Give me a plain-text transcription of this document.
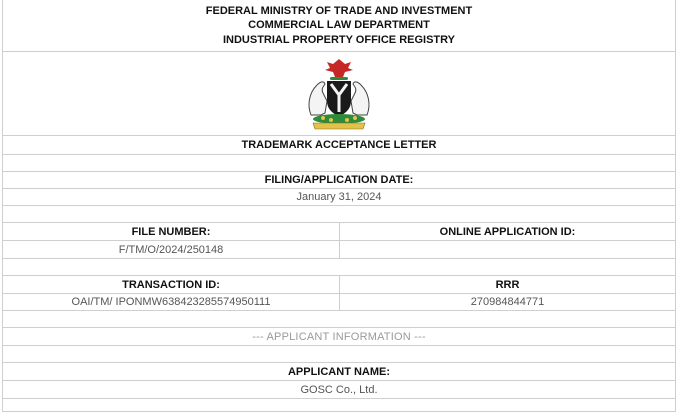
FEDERAL MINISTRY OF TRADE AND INVESTMENT
COMMERCIAL LAW DEPARTMENT
INDUSTRIAL PROPERTY OFFICE REGISTRY
TRADEMARK ACCEPTANCE LETTER
FILING/APPLICATION DATE:
January 31, 2024
FILE NUMBER:	ONLINE APPLICATION ID:
F/TM/O/2024/250148
TRANSACTION ID:	RRR
OAI/TM/ IPONMW638423285574950111	270984844771
--- APPLICANT INFORMATION ---
APPLICANT NAME:
GOSC Co., Ltd.
